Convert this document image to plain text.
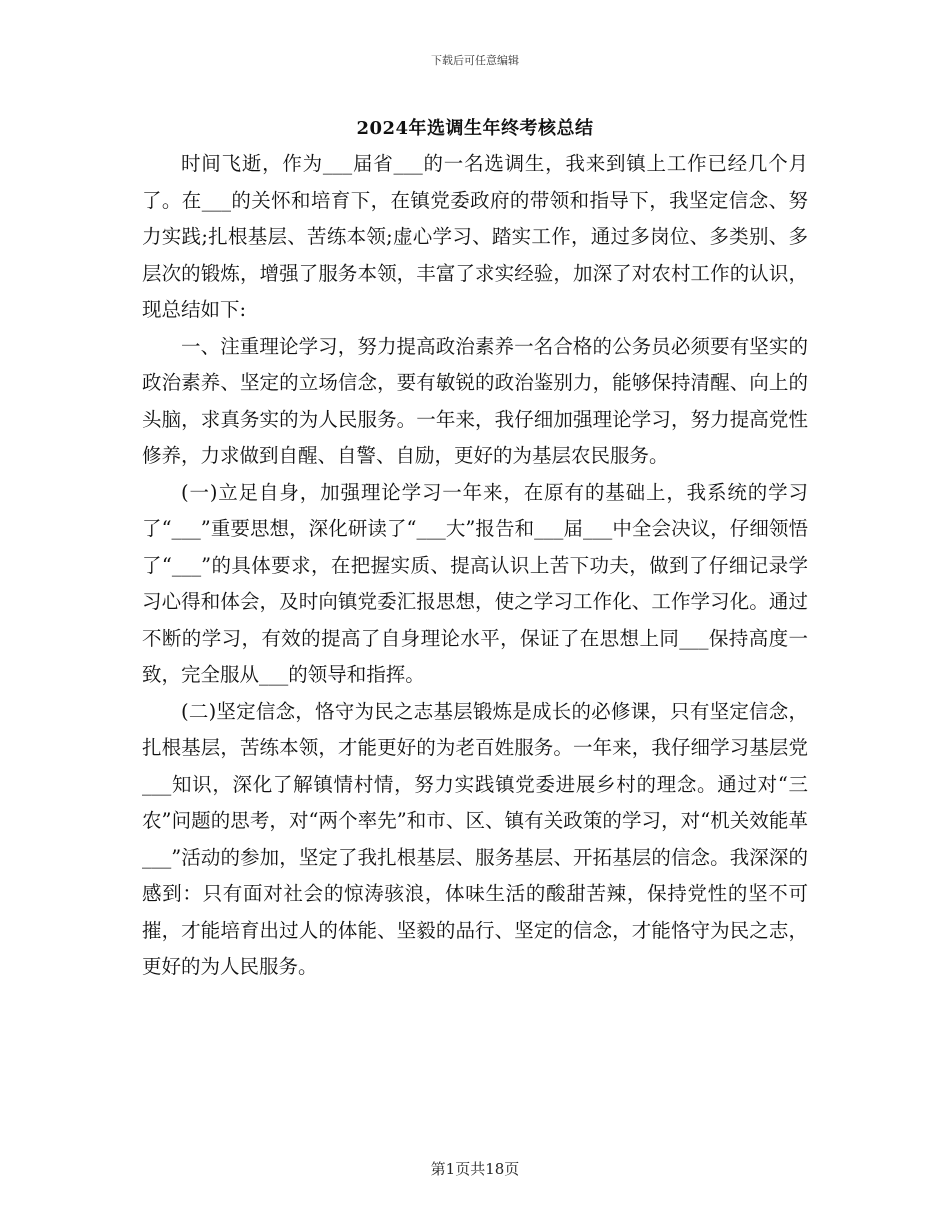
下载后可任意编辑
2024年选调生年终考核总结

时间飞逝，作为___届省___的一名选调生，我来到镇上工作已经几个月了。在___的关怀和培育下，在镇党委政府的带领和指导下，我坚定信念、努力实践;扎根基层、苦练本领;虚心学习、踏实工作，通过多岗位、多类别、多层次的锻炼，增强了服务本领，丰富了求实经验，加深了对农村工作的认识，现总结如下:

一、注重理论学习，努力提高政治素养一名合格的公务员必须要有坚实的政治素养、坚定的立场信念，要有敏锐的政治鉴别力，能够保持清醒、向上的头脑，求真务实的为人民服务。一年来，我仔细加强理论学习，努力提高党性修养，力求做到自醒、自警、自励，更好的为基层农民服务。

(一)立足自身，加强理论学习一年来，在原有的基础上，我系统的学习了“___”重要思想，深化研读了“___大”报告和___届___中全会决议，仔细领悟了“___”的具体要求，在把握实质、提高认识上苦下功夫，做到了仔细记录学习心得和体会，及时向镇党委汇报思想，使之学习工作化、工作学习化。通过不断的学习，有效的提高了自身理论水平，保证了在思想上同___保持高度一致，完全服从___的领导和指挥。

(二)坚定信念，恪守为民之志基层锻炼是成长的必修课，只有坚定信念，扎根基层，苦练本领，才能更好的为老百姓服务。一年来，我仔细学习基层党___知识，深化了解镇情村情，努力实践镇党委进展乡村的理念。通过对“三农”问题的思考，对“两个率先”和市、区、镇有关政策的学习，对“机关效能革___”活动的参加，坚定了我扎根基层、服务基层、开拓基层的信念。我深深的感到：只有面对社会的惊涛骇浪，体味生活的酸甜苦辣，保持党性的坚不可摧，才能培育出过人的体能、坚毅的品行、坚定的信念，才能恪守为民之志，更好的为人民服务。

第1页共18页
